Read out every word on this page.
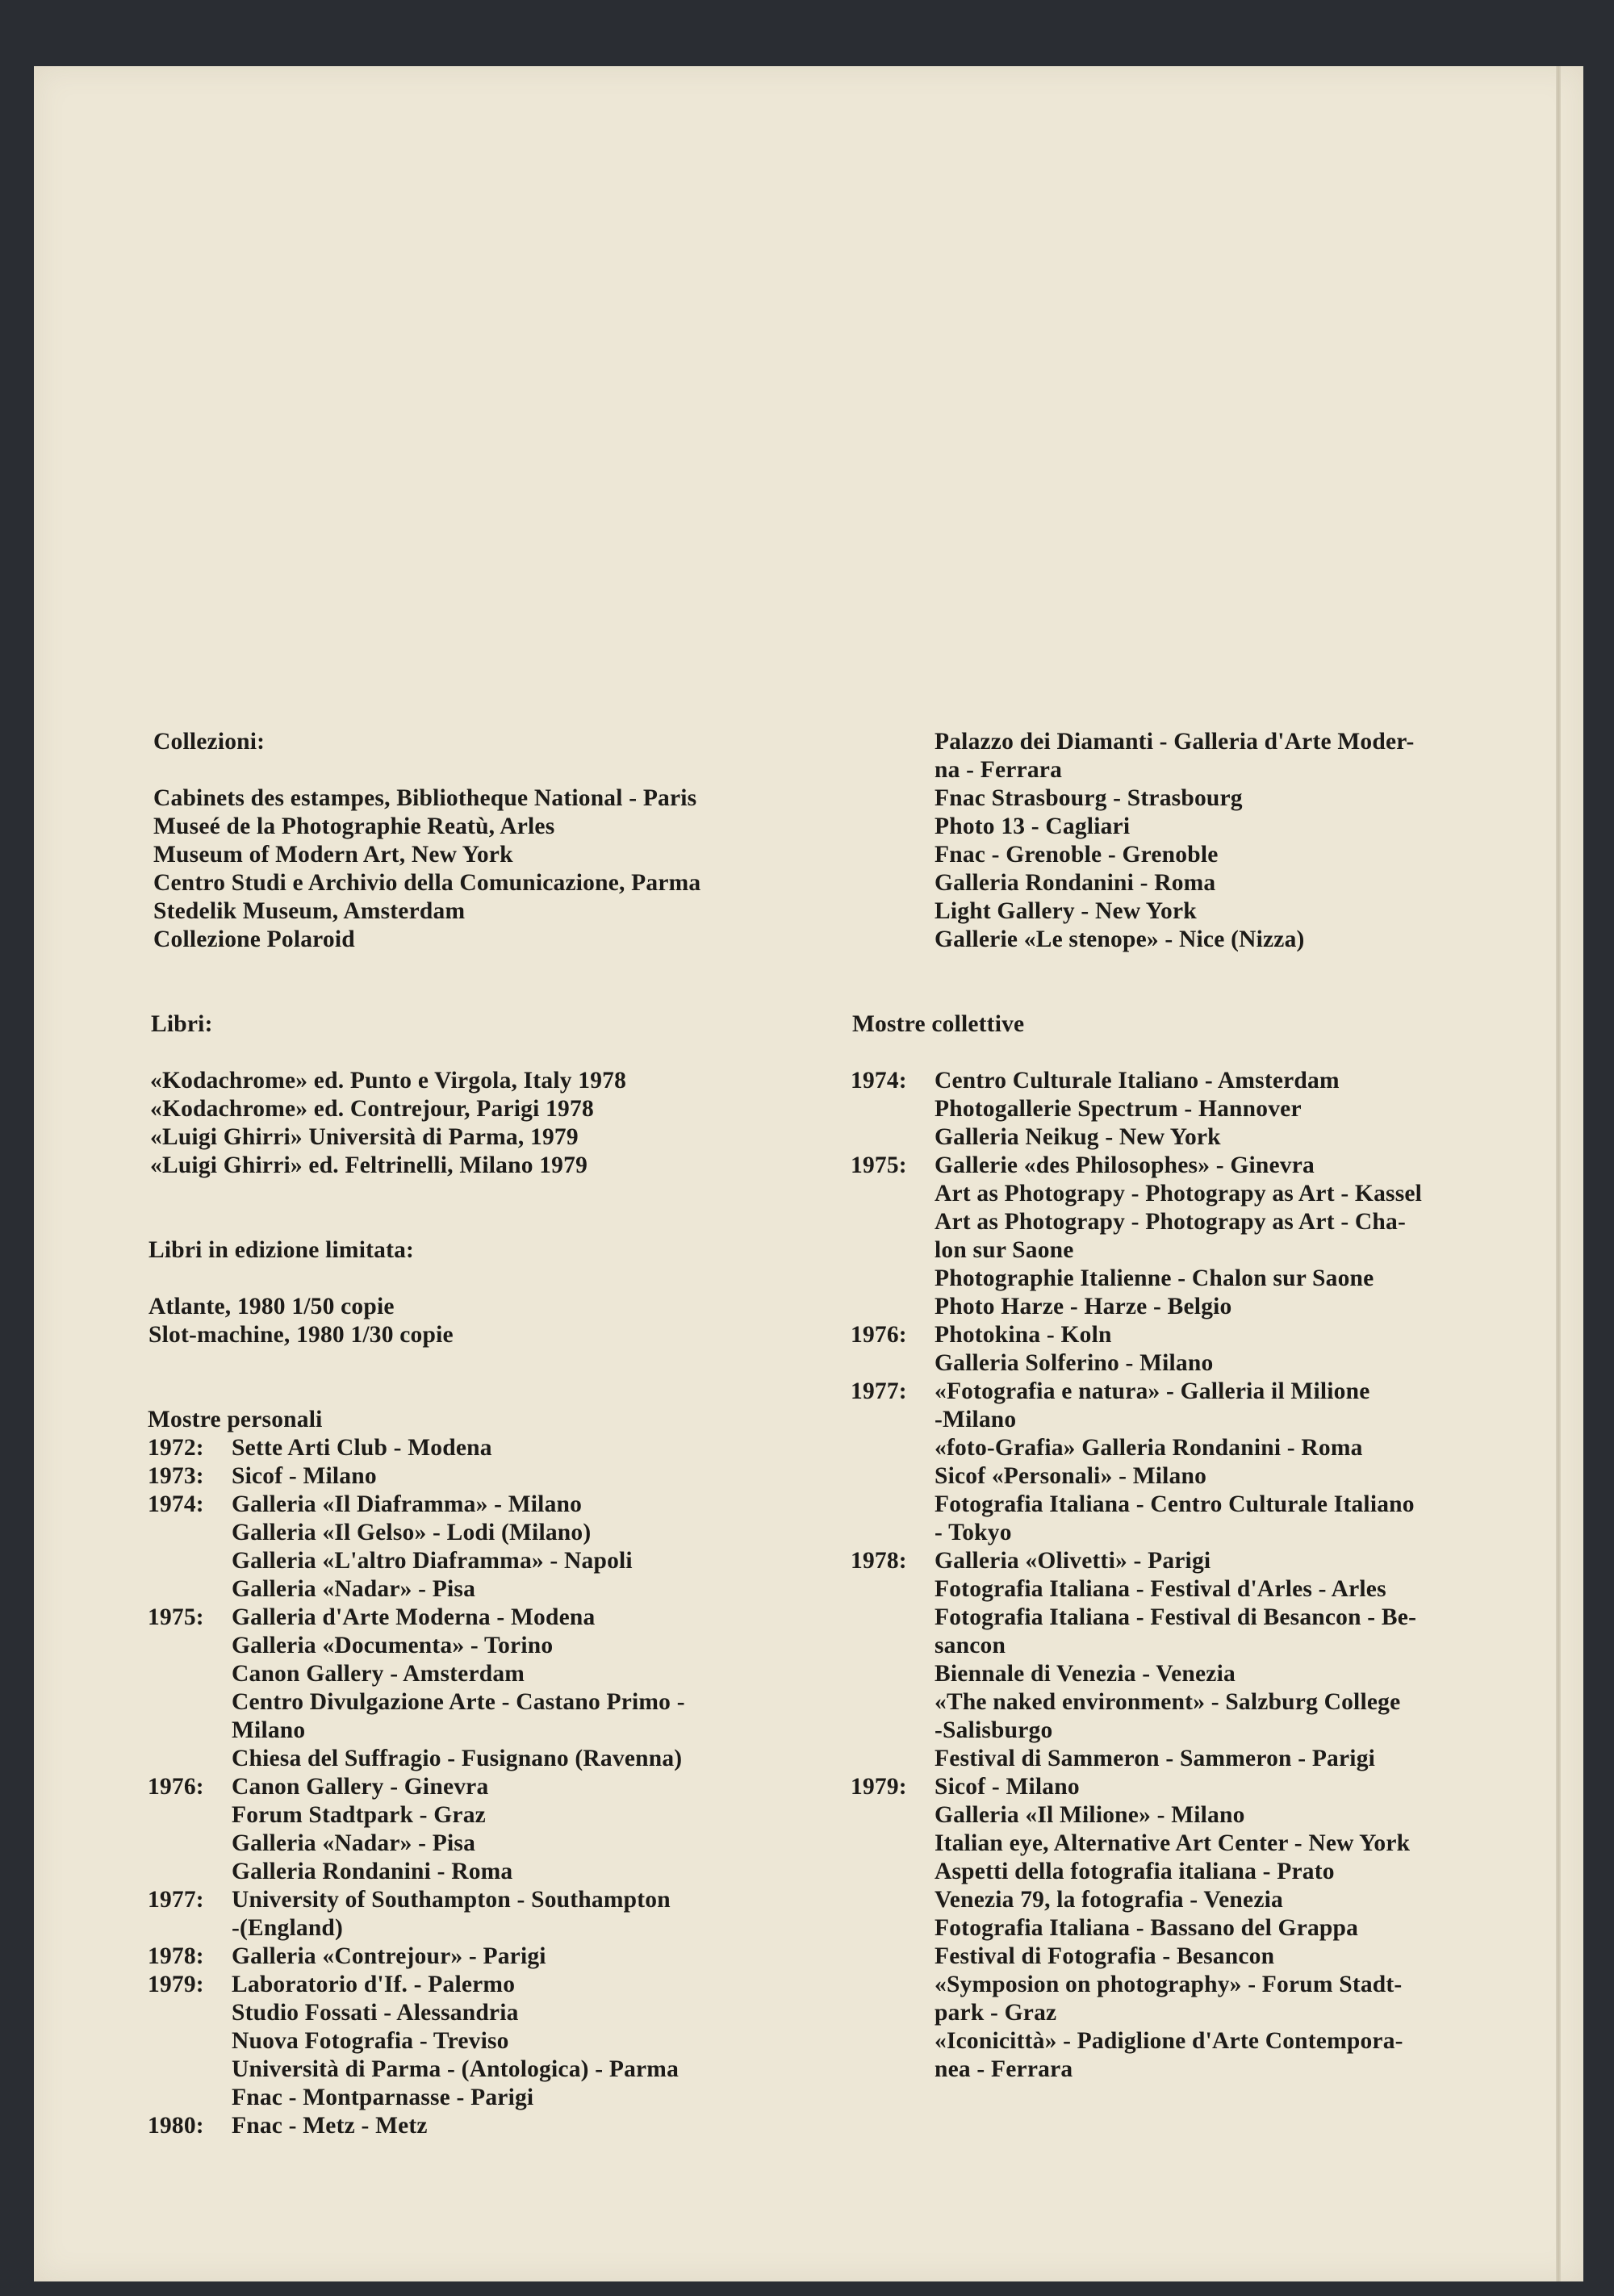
Collezioni:
Cabinets des estampes, Bibliotheque National - Paris
Museé de la Photographie Reatù, Arles
Museum of Modern Art, New York
Centro Studi e Archivio della Comunicazione, Parma
Stedelik Museum, Amsterdam
Collezione Polaroid
Libri:
«Kodachrome» ed. Punto e Virgola, Italy 1978
«Kodachrome» ed. Contrejour, Parigi 1978
«Luigi Ghirri» Università di Parma, 1979
«Luigi Ghirri» ed. Feltrinelli, Milano 1979
Libri in edizione limitata:
Atlante, 1980 1/50 copie
Slot-machine, 1980 1/30 copie
Mostre personali
1972:	Sette Arti Club - Modena
1973:	Sicof - Milano
1974:	Galleria «Il Diaframma» - Milano
Galleria «Il Gelso» - Lodi (Milano)
Galleria «L'altro Diaframma» - Napoli
Galleria «Nadar» - Pisa
1975:	Galleria d'Arte Moderna - Modena
Galleria «Documenta» - Torino
Canon Gallery - Amsterdam
Centro Divulgazione Arte - Castano Primo -
Milano
Chiesa del Suffragio - Fusignano (Ravenna)
1976:	Canon Gallery - Ginevra
Forum Stadtpark - Graz
Galleria «Nadar» - Pisa
Galleria Rondanini - Roma
1977:	University of Southampton - Southampton
-(England)
1978:	Galleria «Contrejour» - Parigi
1979:	Laboratorio d'If. - Palermo
Studio Fossati - Alessandria
Nuova Fotografia - Treviso
Università di Parma - (Antologica) - Parma
Fnac - Montparnasse - Parigi
1980:	Fnac - Metz - Metz
Palazzo dei Diamanti - Galleria d'Arte Moder-
na - Ferrara
Fnac Strasbourg - Strasbourg
Photo 13 - Cagliari
Fnac - Grenoble - Grenoble
Galleria Rondanini - Roma
Light Gallery - New York
Gallerie «Le stenope» - Nice (Nizza)
Mostre collettive
1974:	Centro Culturale Italiano - Amsterdam
Photogallerie Spectrum - Hannover
Galleria Neikug - New York
1975:	Gallerie «des Philosophes» - Ginevra
Art as Photograpy - Photograpy as Art - Kassel
Art as Photograpy - Photograpy as Art - Cha-
lon sur Saone
Photographie Italienne - Chalon sur Saone
Photo Harze - Harze - Belgio
1976:	Photokina - Koln
Galleria Solferino - Milano
1977:	«Fotografia e natura» - Galleria il Milione
-Milano
«foto-Grafia» Galleria Rondanini - Roma
Sicof «Personali» - Milano
Fotografia Italiana - Centro Culturale Italiano
- Tokyo
1978:	Galleria «Olivetti» - Parigi
Fotografia Italiana - Festival d'Arles - Arles
Fotografia Italiana - Festival di Besancon - Be-
sancon
Biennale di Venezia - Venezia
«The naked environment» - Salzburg College
-Salisburgo
Festival di Sammeron - Sammeron - Parigi
1979:	Sicof - Milano
Galleria «Il Milione» - Milano
Italian eye, Alternative Art Center - New York
Aspetti della fotografia italiana - Prato
Venezia 79, la fotografia - Venezia
Fotografia Italiana - Bassano del Grappa
Festival di Fotografia - Besancon
«Symposion on photography» - Forum Stadt-
park - Graz
«Iconicittà» - Padiglione d'Arte Contempora-
nea - Ferrara
